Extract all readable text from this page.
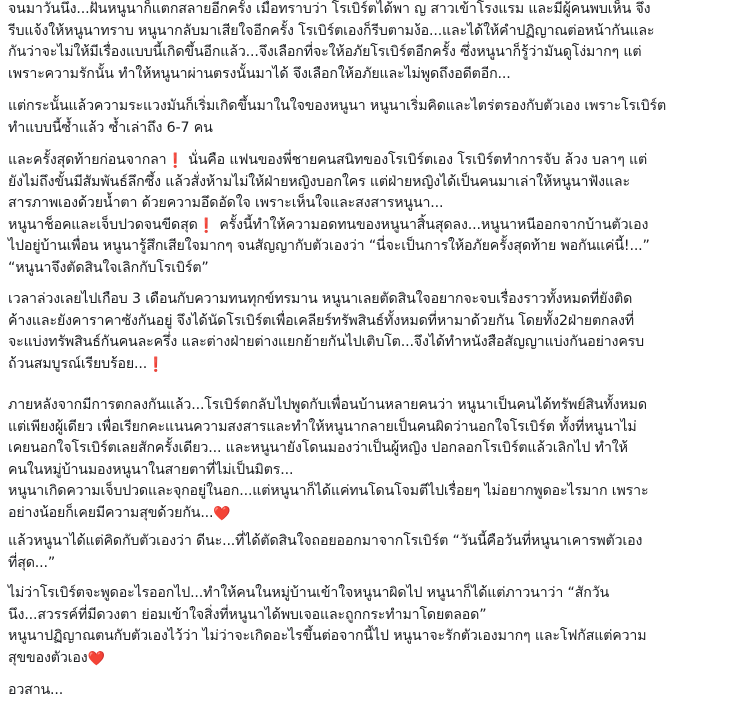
จนมาวันนึง...ฝันหนูนาก็แตกสลายอีกครั้ง เมื่อทราบว่า โรเบิร์ตได้พา ญ สาวเข้าโรงแรม และมีผู้คนพบเห็น จึง
รีบแจ้งให้หนูนาทราบ หนูนากลับมาเสียใจอีกครั้ง โรเบิร์ตเองก็รีบตามง้อ...และได้ให้คำปฏิญาณต่อหน้ากันและ
กันว่าจะไม่ให้มีเรื่องแบบนี้เกิดขึ้นอีกแล้ว...จึงเลือกที่จะให้อภัยโรเบิร์ตอีกครั้ง ซึ่งหนูนาก็รู้ว่ามันดูโง่มากๆ แต่
เพราะความรักนั้น ทำให้หนูนาผ่านตรงนั้นมาได้ จึงเลือกให้อภัยและไม่พูดถึงอดีตอีก...

แต่กระนั้นแล้วความระแวงมันก็เริ่มเกิดขึ้นมาในใจของหนูนา หนูนาเริ่มคิดและไตร่ตรองกับตัวเอง เพราะโรเบิร์ต
ทำแบบนี้ซ้ำแล้ว ซ้ำเล่าถึง 6-7 คน

และครั้งสุดท้ายก่อนจากลา❗ นั่นคือ แฟนของพี่ชายคนสนิทของโรเบิร์ตเอง โรเบิร์ตทำการจับ ล้วง บลาๆ แต่
ยังไม่ถึงขั้นมีสัมพันธ์ลึกซึ้ง แล้วสั่งห้ามไม่ให้ฝ่ายหญิงบอกใคร แต่ฝ่ายหญิงได้เป็นคนมาเล่าให้หนูนาฟังและ
สารภาพเองด้วยน้ำตา ด้วยความอึดอัดใจ เพราะเห็นใจและสงสารหนูนา...
หนูนาช็อคและเจ็บปวดจนขีดสุด❗ ครั้งนี้ทำให้ความอดทนของหนูนาสิ้นสุดลง...หนูนาหนีออกจากบ้านตัวเอง
ไปอยู่บ้านเพื่อน หนูนารู้สึกเสียใจมากๆ จนสัญญากับตัวเองว่า “นี่จะเป็นการให้อภัยครั้งสุดท้าย พอกันแค่นี้!...”
“หนูนาจึงตัดสินใจเลิกกับโรเบิร์ต”

เวลาล่วงเลยไปเกือบ 3 เดือนกับความทนทุกข์ทรมาน หนูนาเลยตัดสินใจอยากจะจบเรื่องราวทั้งหมดที่ยังติด
ค้างและยังคาราคาซังกันอยู่ จึงได้นัดโรเบิร์ตเพื่อเคลียร์ทรัพสินธ์ทั้งหมดที่หามาด้วยกัน โดยทั้ง2ฝ่ายตกลงที่
จะแบ่งทรัพสินธ์กันคนละครึ่ง และต่างฝ่ายต่างแยกย้ายกันไปเติบโต...จึงได้ทำหนังสือสัญญาแบ่งกันอย่างครบ
ถ้วนสมบูรณ์เรียบร้อย...❗

ภายหลังจากมีการตกลงกันแล้ว...โรเบิร์ตกลับไปพูดกับเพื่อนบ้านหลายคนว่า หนูนาเป็นคนได้ทรัพย์สินทั้งหมด
แต่เพียงผู้เดียว เพื่อเรียกคะแนนความสงสารและทำให้หนูนากลายเป็นคนผิดว่านอกใจโรเบิร์ต ทั้งที่หนูนาไม่
เคยนอกใจโรเบิร์ตเลยสักครั้งเดียว... และหนูนายังโดนมองว่าเป็นผู้หญิง ปอกลอกโรเบิร์ตแล้วเลิกไป ทำให้
คนในหมู่บ้านมองหนูนาในสายตาที่ไม่เป็นมิตร...
หนูนาเกิดความเจ็บปวดและจุกอยู่ในอก...แต่หนูนาก็ได้แค่ทนโดนโจมตีไปเรื่อยๆ ไม่อยากพูดอะไรมาก เพราะ
อย่างน้อยก็เคยมีความสุขด้วยกัน...❤️

แล้วหนูนาได้แต่คิดกับตัวเองว่า ดีนะ...ที่ได้ตัดสินใจถอยออกมาจากโรเบิร์ต “วันนี้คือวันที่หนูนาเคารพตัวเอง
ที่สุด...”

ไม่ว่าโรเบิร์ตจะพูดอะไรออกไป...ทำให้คนในหมู่บ้านเข้าใจหนูนาผิดไป หนูนาก็ได้แต่ภาวนาว่า “สักวัน
นึง...สวรรค์ที่มีดวงตา ย่อมเข้าใจสิ่งที่หนูนาได้พบเจอและถูกกระทำมาโดยตลอด”
หนูนาปฏิญาณตนกับตัวเองไว้ว่า ไม่ว่าจะเกิดอะไรขึ้นต่อจากนี้ไป หนูนาจะรักตัวเองมากๆ และโฟกัสแต่ความ
สุขของตัวเอง❤️

อวสาน...
